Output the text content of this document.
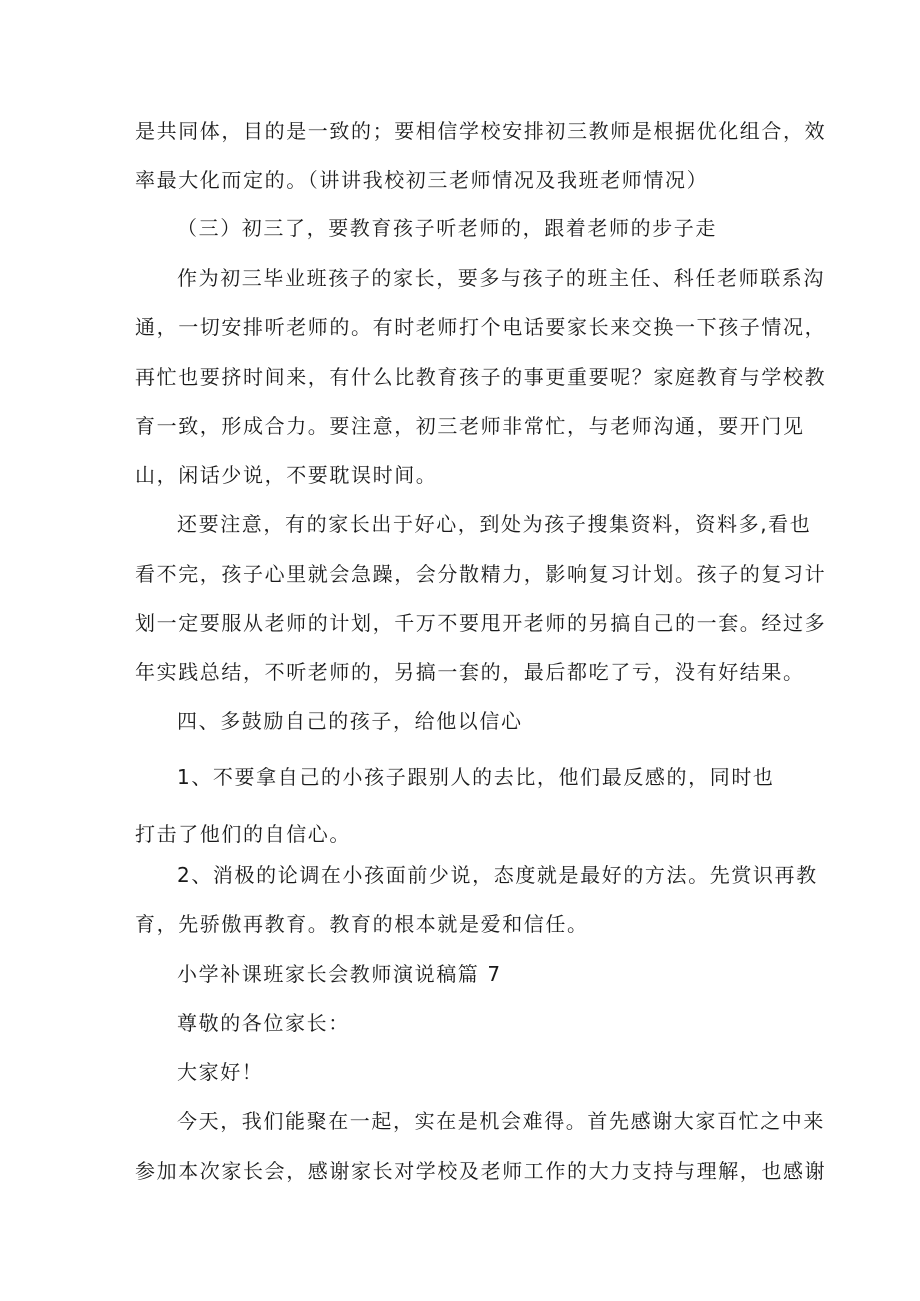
是共同体，目的是一致的；要相信学校安排初三教师是根据优化组合，效
率最大化而定的。（讲讲我校初三老师情况及我班老师情况）
（三）初三了，要教育孩子听老师的，跟着老师的步子走
作为初三毕业班孩子的家长，要多与孩子的班主任、科任老师联系沟
通，一切安排听老师的。有时老师打个电话要家长来交换一下孩子情况，
再忙也要挤时间来，有什么比教育孩子的事更重要呢？家庭教育与学校教
育一致，形成合力。要注意，初三老师非常忙，与老师沟通，要开门见
山，闲话少说，不要耽误时间。
还要注意，有的家长出于好心，到处为孩子搜集资料，资料多,看也
看不完，孩子心里就会急躁，会分散精力，影响复习计划。孩子的复习计
划一定要服从老师的计划，千万不要甩开老师的另搞自己的一套。经过多
年实践总结，不听老师的，另搞一套的，最后都吃了亏，没有好结果。
四、多鼓励自己的孩子，给他以信心
1、不要拿自己的小孩子跟别人的去比，他们最反感的，同时也
打击了他们的自信心。
2、消极的论调在小孩面前少说，态度就是最好的方法。先赏识再教
育，先骄傲再教育。教育的根本就是爱和信任。
小学补课班家长会教师演说稿篇 7
尊敬的各位家长：
大家好！
今天，我们能聚在一起，实在是机会难得。首先感谢大家百忙之中来
参加本次家长会，感谢家长对学校及老师工作的大力支持与理解，也感谢
